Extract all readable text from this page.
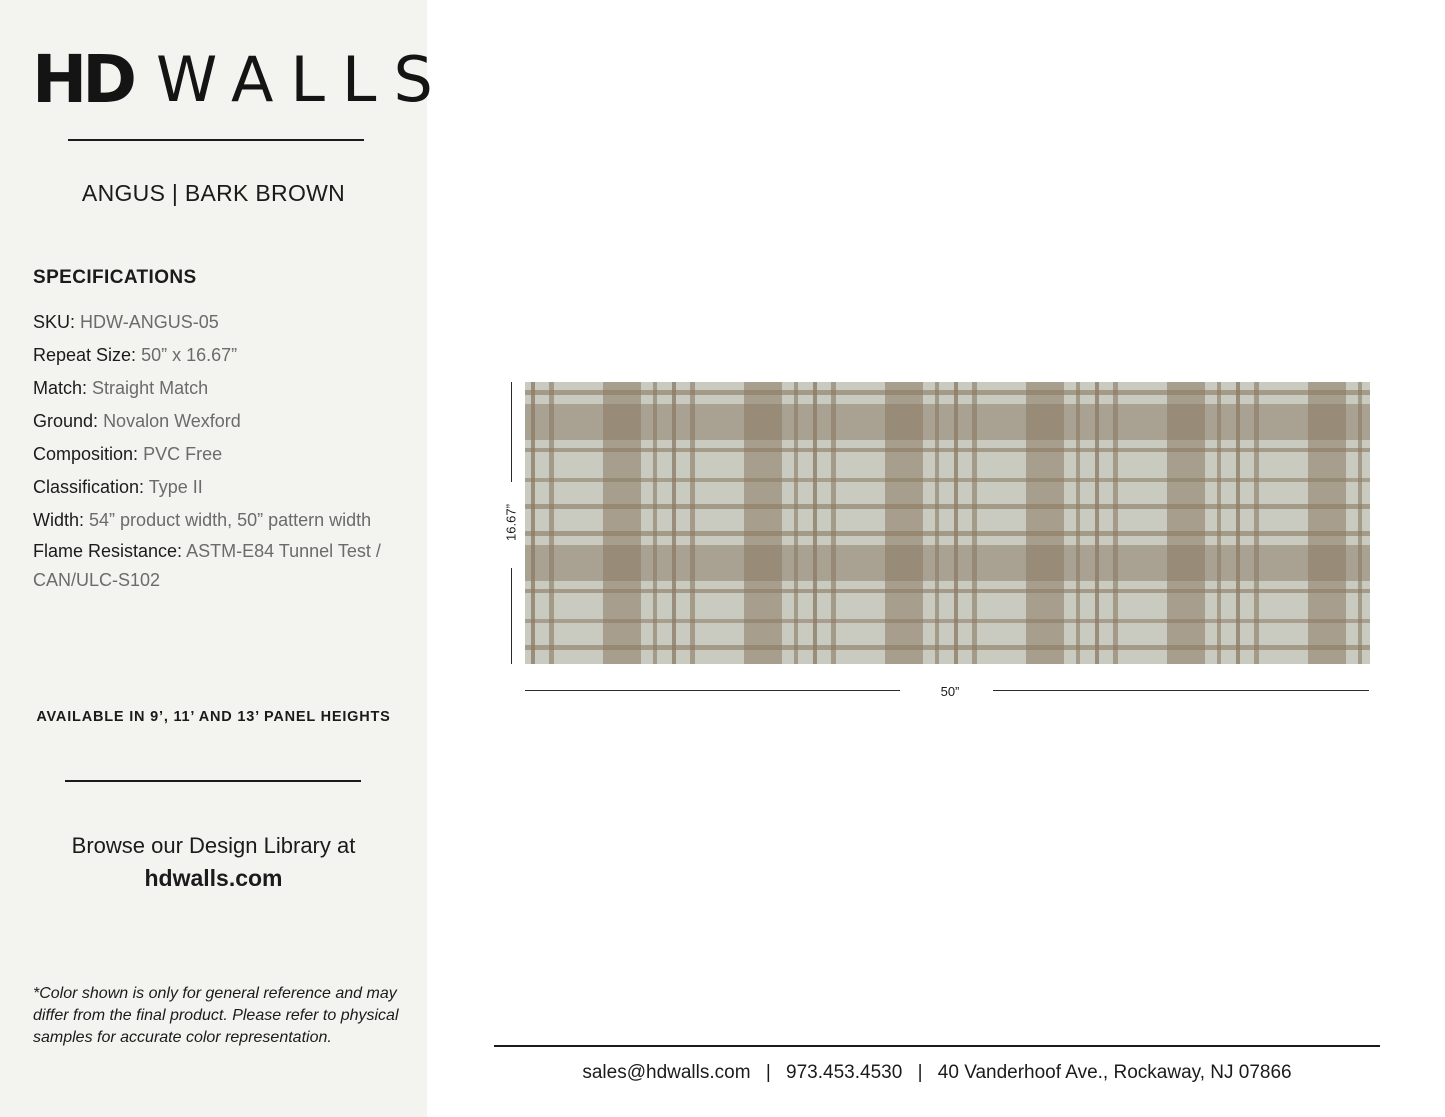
HD WALLS
ANGUS | BARK BROWN
SPECIFICATIONS
SKU: HDW-ANGUS-05
Repeat Size: 50” x 16.67”
Match: Straight Match
Ground: Novalon Wexford
Composition: PVC Free
Classification: Type II
Width: 54” product width, 50” pattern width
Flame Resistance: ASTM-E84 Tunnel Test / CAN/ULC-S102
AVAILABLE IN 9’, 11’ AND 13’ PANEL HEIGHTS
Browse our Design Library at
hdwalls.com
*Color shown is only for general reference and may differ from the final product. Please refer to physical samples for accurate color representation.
16.67”
50”
sales@hdwalls.com | 973.453.4530 | 40 Vanderhoof Ave., Rockaway, NJ 07866
